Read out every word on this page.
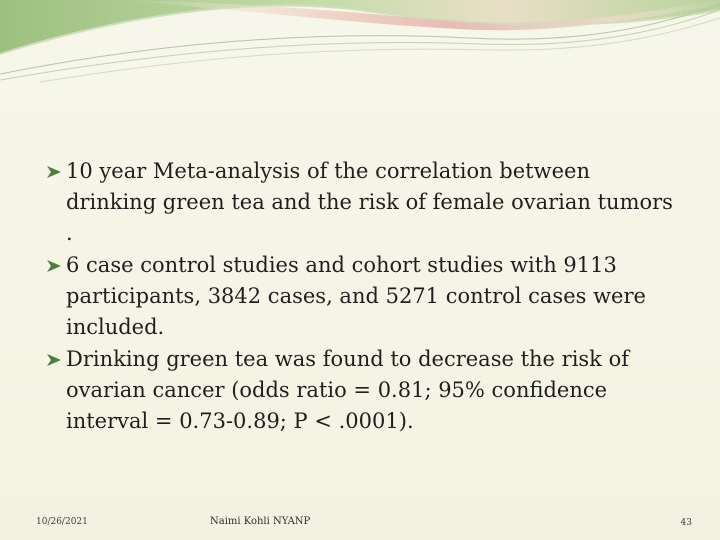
10 year Meta-analysis of the correlation between drinking green tea and the risk of female ovarian tumors .
6 case control studies and cohort studies with 9113 participants, 3842 cases, and 5271 control cases were included.
Drinking green tea was found to decrease the risk of ovarian cancer (odds ratio = 0.81; 95% confidence interval = 0.73-0.89; P < .0001).
10/26/2021	Naimi Kohli NYANP	43
